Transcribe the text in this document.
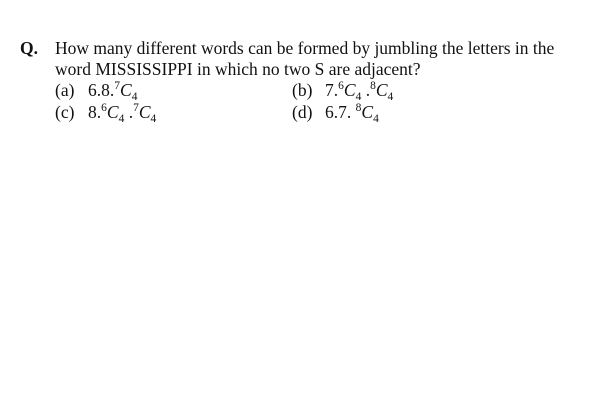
Q. How many different words can be formed by jumbling the letters in the word MISSISSIPPI in which no two S are adjacent?
(a) $6.8.^7C_4$	(b) $7.^6C_4$ $.^8C_4$
(c) $8.^6C_4$ $.^7C_4$	(d) 6.7. $^8C_4$
